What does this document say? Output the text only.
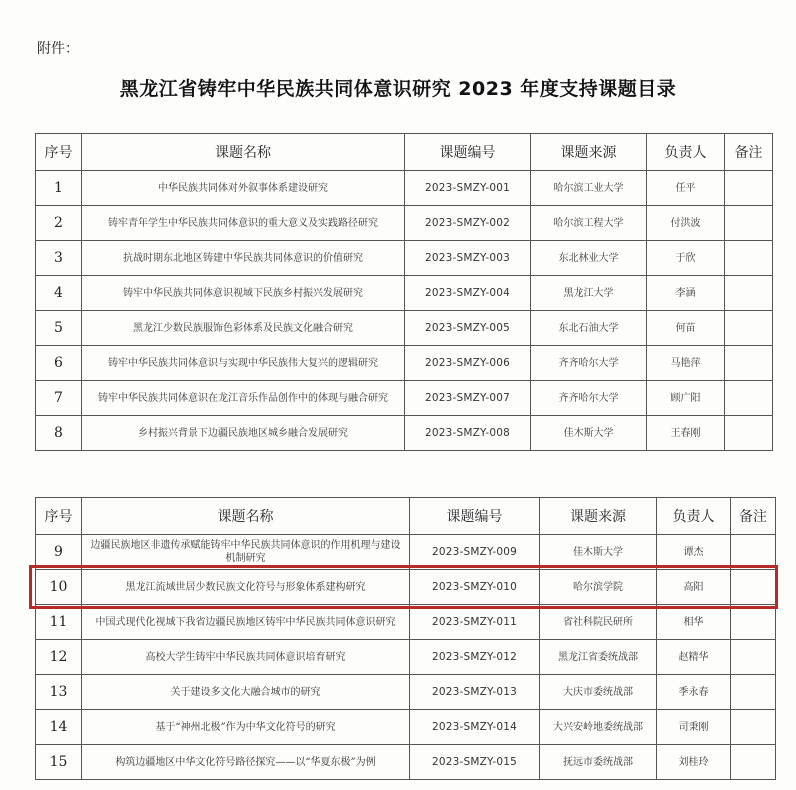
附件：
黑龙江省铸牢中华民族共同体意识研究 2023 年度支持课题目录
序号	课题名称	课题编号	课题来源	负责人	备注
1	中华民族共同体对外叙事体系建设研究	2023-SMZY-001	哈尔滨工业大学	任平	
2	铸牢青年学生中华民族共同体意识的重大意义及实践路径研究	2023-SMZY-002	哈尔滨工程大学	付洪波	
3	抗战时期东北地区铸建中华民族共同体意识的价值研究	2023-SMZY-003	东北林业大学	于欣	
4	铸牢中华民族共同体意识视域下民族乡村振兴发展研究	2023-SMZY-004	黑龙江大学	李涵	
5	黑龙江少数民族服饰色彩体系及民族文化融合研究	2023-SMZY-005	东北石油大学	何苗	
6	铸牢中华民族共同体意识与实现中华民族伟大复兴的逻辑研究	2023-SMZY-006	齐齐哈尔大学	马艳萍	
7	铸牢中华民族共同体意识在龙江音乐作品创作中的体现与融合研究	2023-SMZY-007	齐齐哈尔大学	顾广阳	
8	乡村振兴背景下边疆民族地区城乡融合发展研究	2023-SMZY-008	佳木斯大学	王春刚	
序号	课题名称	课题编号	课题来源	负责人	备注
9	边疆民族地区非遗传承赋能铸牢中华民族共同体意识的作用机理与建设机制研究	2023-SMZY-009	佳木斯大学	谭杰	
10	黑龙江流域世居少数民族文化符号与形象体系建构研究	2023-SMZY-010	哈尔滨学院	高阳	
11	中国式现代化视域下我省边疆民族地区铸牢中华民族共同体意识研究	2023-SMZY-011	省社科院民研所	相华	
12	高校大学生铸牢中华民族共同体意识培育研究	2023-SMZY-012	黑龙江省委统战部	赵精华	
13	关于建设多文化大融合城市的研究	2023-SMZY-013	大庆市委统战部	季永春	
14	基于“神州北极”作为中华文化符号的研究	2023-SMZY-014	大兴安岭地委统战部	司秉刚	
15	构筑边疆地区中华文化符号路径探究——以“华夏东极”为例	2023-SMZY-015	抚远市委统战部	刘桂玲	
